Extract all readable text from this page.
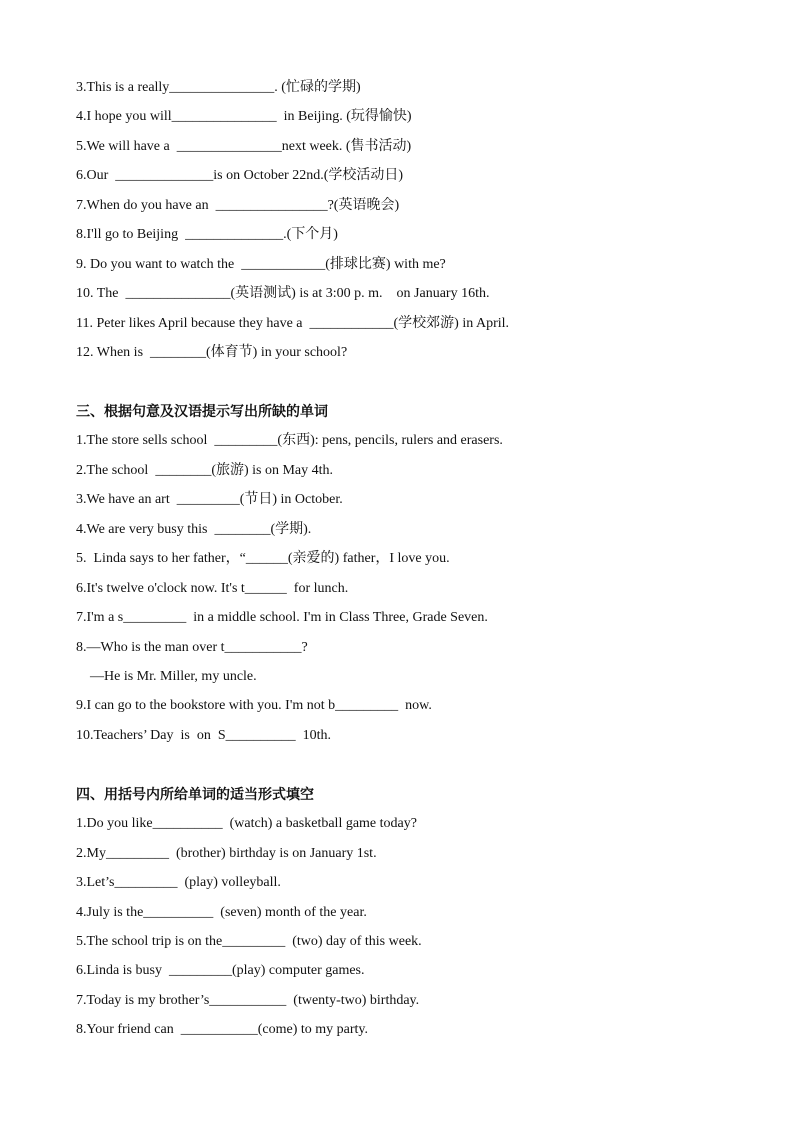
3.This is a really_______________. (忙碌的学期)
4.I hope you will_______________  in Beijing. (玩得愉快)
5.We will have a  _______________next week. (售书活动)
6.Our  ______________is on October 22nd.(学校活动日)
7.When do you have an  ________________?(英语晚会)
8.I'll go to Beijing  ______________.(下个月)
9. Do you want to watch the  ____________(排球比赛) with me?
10. The  _______________(英语测试) is at 3:00 p. m.    on January 16th.
11. Peter likes April because they have a  ____________(学校郊游) in April.
12. When is  ________(体育节) in your school?
三、根据句意及汉语提示写出所缺的单词
1.The store sells school  _________(东西): pens, pencils, rulers and erasers.
2.The school  ________(旅游) is on May 4th.
3.We have an art  _________(节日) in October.
4.We are very busy this  ________(学期).
5.  Linda says to her father，“______(亲爱的) father，I love you.
6.It's twelve o'clock now. It's t______  for lunch.
7.I'm a s_________  in a middle school. I'm in Class Three, Grade Seven.
8.—Who is the man over t___________?
—He is Mr. Miller, my uncle.
9.I can go to the bookstore with you. I'm not b_________  now.
10.Teachers’ Day  is  on  S__________  10th.
四、用括号内所给单词的适当形式填空
1.Do you like__________  (watch) a basketball game today?
2.My_________  (brother) birthday is on January 1st.
3.Let’s_________  (play) volleyball.
4.July is the__________  (seven) month of the year.
5.The school trip is on the_________  (two) day of this week.
6.Linda is busy  _________(play) computer games.
7.Today is my brother’s___________  (twenty-two) birthday.
8.Your friend can  ___________(come) to my party.
